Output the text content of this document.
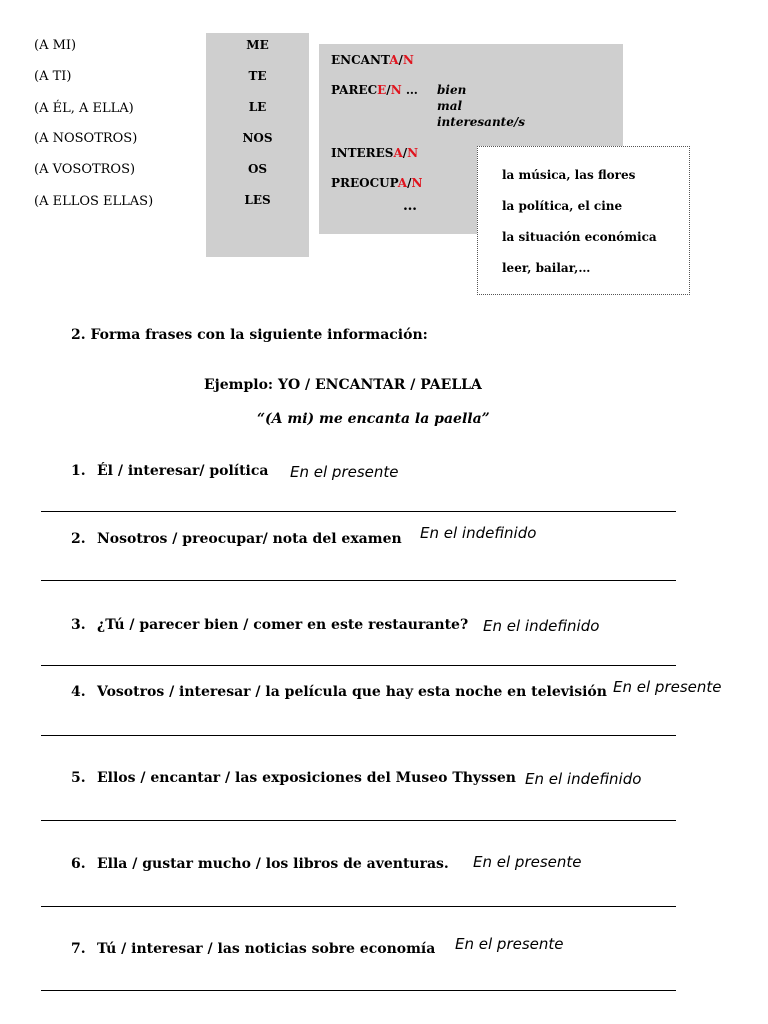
(A MI)
(A TI)
(A ÉL, A ELLA)
(A NOSOTROS)
(A VOSOTROS)
(A ELLOS ELLAS)
ME
TE
LE
NOS
OS
LES
ENCANTA/N
PARECE/N … bien
mal
interesante/s
INTERESA/N
PREOCUPA/N
…
la música, las flores
la política, el cine
la situación económica
leer, bailar,…
2. Forma frases con la siguiente información:
Ejemplo: YO / ENCANTAR / PAELLA
“(A mi) me encanta la paella”
1. Él / interesar/ política En el presente
2. Nosotros / preocupar/ nota del examen En el indefinido
3. ¿Tú / parecer bien / comer en este restaurante? En el indefinido
4. Vosotros / interesar / la película que hay esta noche en televisión En el presente
5. Ellos / encantar / las exposiciones del Museo Thyssen En el indefinido
6. Ella / gustar mucho / los libros de aventuras. En el presente
7. Tú / interesar / las noticias sobre economía En el presente
